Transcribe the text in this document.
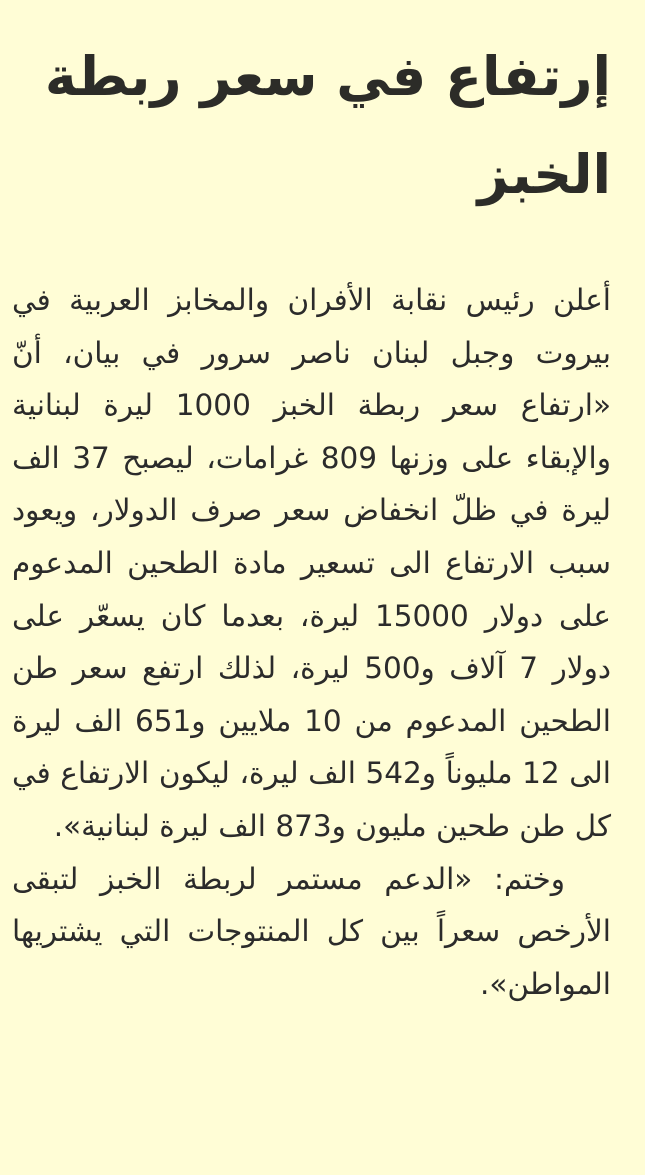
إرتفاع في سعر ربطة الخبز

أعلن رئيس نقابة الأفران والمخابز العربية في بيروت وجبل لبنان ناصر سرور في بيان، أنّ «ارتفاع سعر ربطة الخبز 1000 ليرة لبنانية والإبقاء على وزنها 809 غرامات، ليصبح 37 الف ليرة في ظلّ انخفاض سعر صرف الدولار، ويعود سبب الارتفاع الى تسعير مادة الطحين المدعوم على دولار 15000 ليرة، بعدما كان يسعّر على دولار 7 آلاف و500 ليرة، لذلك ارتفع سعر طن الطحين المدعوم من 10 ملايين و651 الف ليرة الى 12 مليوناً و542 الف ليرة، ليكون الارتفاع في كل طن طحين مليون و873 الف ليرة لبنانية».

وختم: «الدعم مستمر لربطة الخبز لتبقى الأرخص سعراً بين كل المنتوجات التي يشتريها المواطن».
